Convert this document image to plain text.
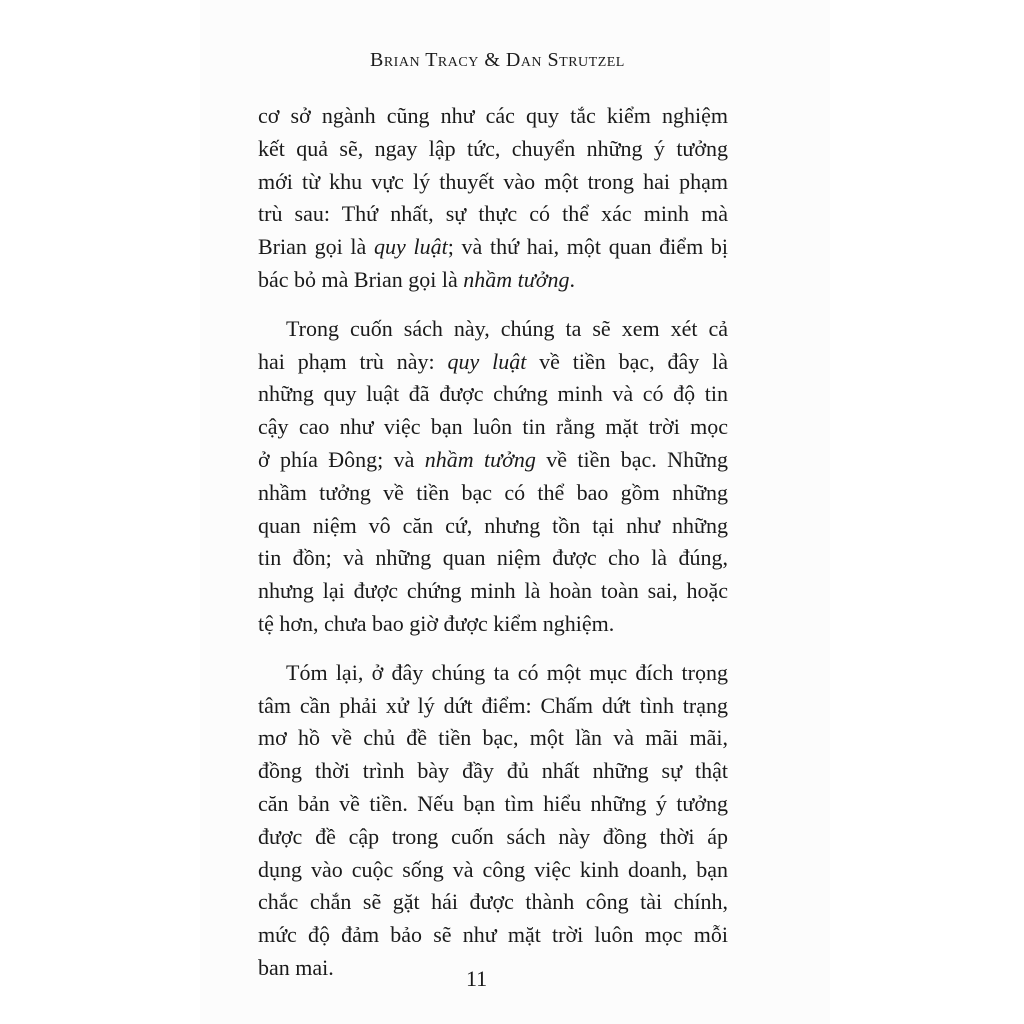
Brian Tracy & Dan Strutzel
cơ sở ngành cũng như các quy tắc kiểm nghiệm
kết quả sẽ, ngay lập tức, chuyển những ý tưởng
mới từ khu vực lý thuyết vào một trong hai phạm
trù sau: Thứ nhất, sự thực có thể xác minh mà
Brian gọi là quy luật; và thứ hai, một quan điểm bị
bác bỏ mà Brian gọi là nhầm tưởng.
Trong cuốn sách này, chúng ta sẽ xem xét cả
hai phạm trù này: quy luật về tiền bạc, đây là
những quy luật đã được chứng minh và có độ tin
cậy cao như việc bạn luôn tin rằng mặt trời mọc
ở phía Đông; và nhầm tưởng về tiền bạc. Những
nhầm tưởng về tiền bạc có thể bao gồm những
quan niệm vô căn cứ, nhưng tồn tại như những
tin đồn; và những quan niệm được cho là đúng,
nhưng lại được chứng minh là hoàn toàn sai, hoặc
tệ hơn, chưa bao giờ được kiểm nghiệm.
Tóm lại, ở đây chúng ta có một mục đích trọng
tâm cần phải xử lý dứt điểm: Chấm dứt tình trạng
mơ hồ về chủ đề tiền bạc, một lần và mãi mãi,
đồng thời trình bày đầy đủ nhất những sự thật
căn bản về tiền. Nếu bạn tìm hiểu những ý tưởng
được đề cập trong cuốn sách này đồng thời áp
dụng vào cuộc sống và công việc kinh doanh, bạn
chắc chắn sẽ gặt hái được thành công tài chính,
mức độ đảm bảo sẽ như mặt trời luôn mọc mỗi
ban mai.	11
